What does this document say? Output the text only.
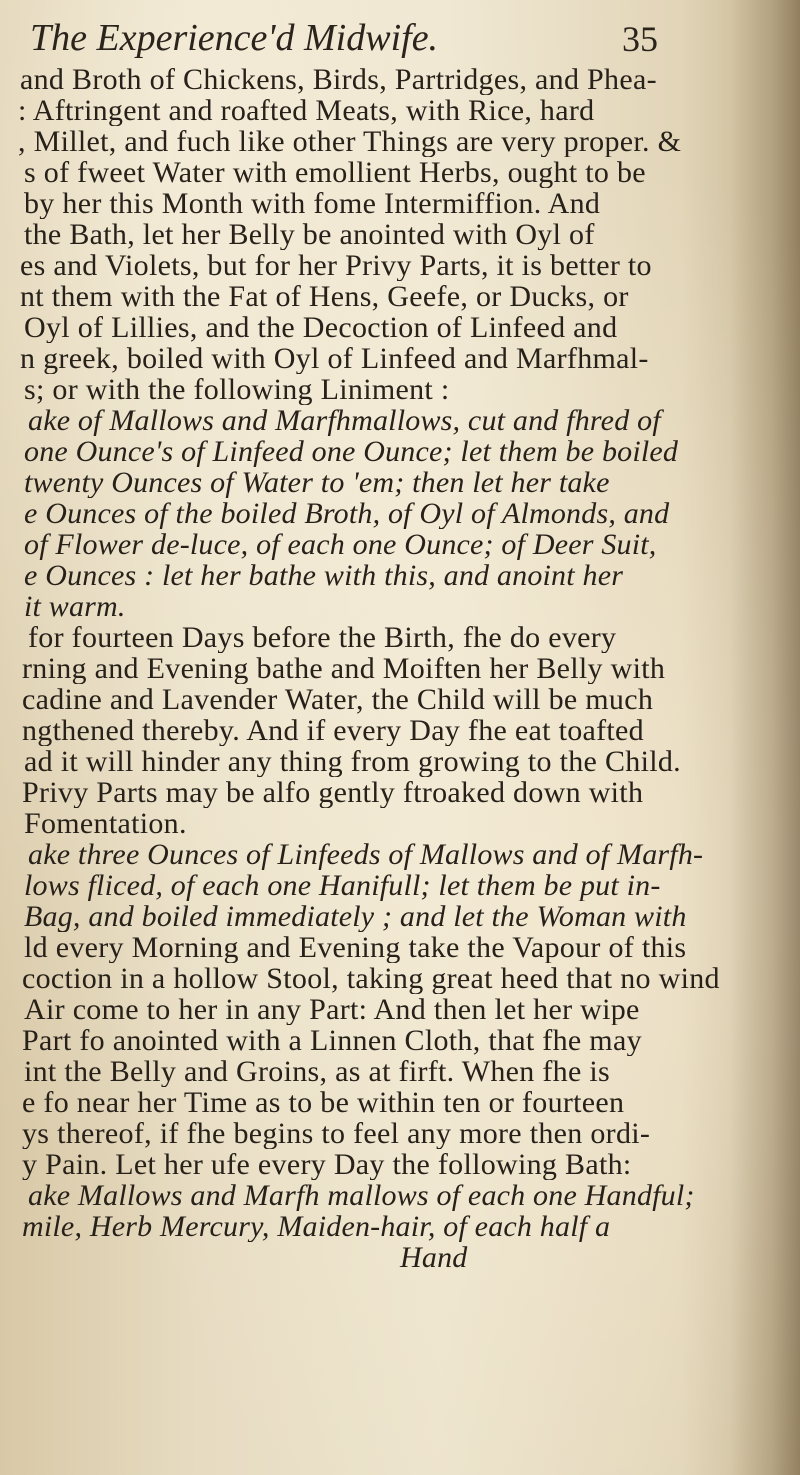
The Experience'd Midwife.	35
and Broth of Chickens, Birds, Partridges, and Phea-
: Aftringent and roafted Meats, with Rice, hard
, Millet, and fuch like other Things are very proper. &
s of fweet Water with emollient Herbs, ought to be
by her this Month with fome Intermiffion. And
the Bath, let her Belly be anointed with Oyl of
es and Violets, but for her Privy Parts, it is better to
nt them with the Fat of Hens, Geefe, or Ducks, or
Oyl of Lillies, and the Decoction of Linfeed and
n greek, boiled with Oyl of Linfeed and Marfhmal-
s; or with the following Liniment :
ake of Mallows and Marfhmallows, cut and fhred of
one Ounce's of Linfeed one Ounce; let them be boiled
twenty Ounces of Water to 'em; then let her take
e Ounces of the boiled Broth, of Oyl of Almonds, and
of Flower de-luce, of each one Ounce; of Deer Suit,
e Ounces : let her bathe with this, and anoint her
it warm.
for fourteen Days before the Birth, fhe do every
rning and Evening bathe and Moiften her Belly with
cadine and Lavender Water, the Child will be much
ngthened thereby. And if every Day fhe eat toafted
ad it will hinder any thing from growing to the Child.
Privy Parts may be alfo gently ftroaked down with
Fomentation.
ake three Ounces of Linfeeds of Mallows and of Marfh-
lows fliced, of each one Hanifull; let them be put in-
Bag, and boiled immediately ; and let the Woman with
ld every Morning and Evening take the Vapour of this
coction in a hollow Stool, taking great heed that no wind
Air come to her in any Part: And then let her wipe
Part fo anointed with a Linnen Cloth, that fhe may
int the Belly and Groins, as at firft. When fhe is
e fo near her Time as to be within ten or fourteen
ys thereof, if fhe begins to feel any more then ordi-
y Pain. Let her ufe every Day the following Bath:
ake Mallows and Marfh mallows of each one Handful;
mile, Herb Mercury, Maiden-hair, of each half a
Hand
